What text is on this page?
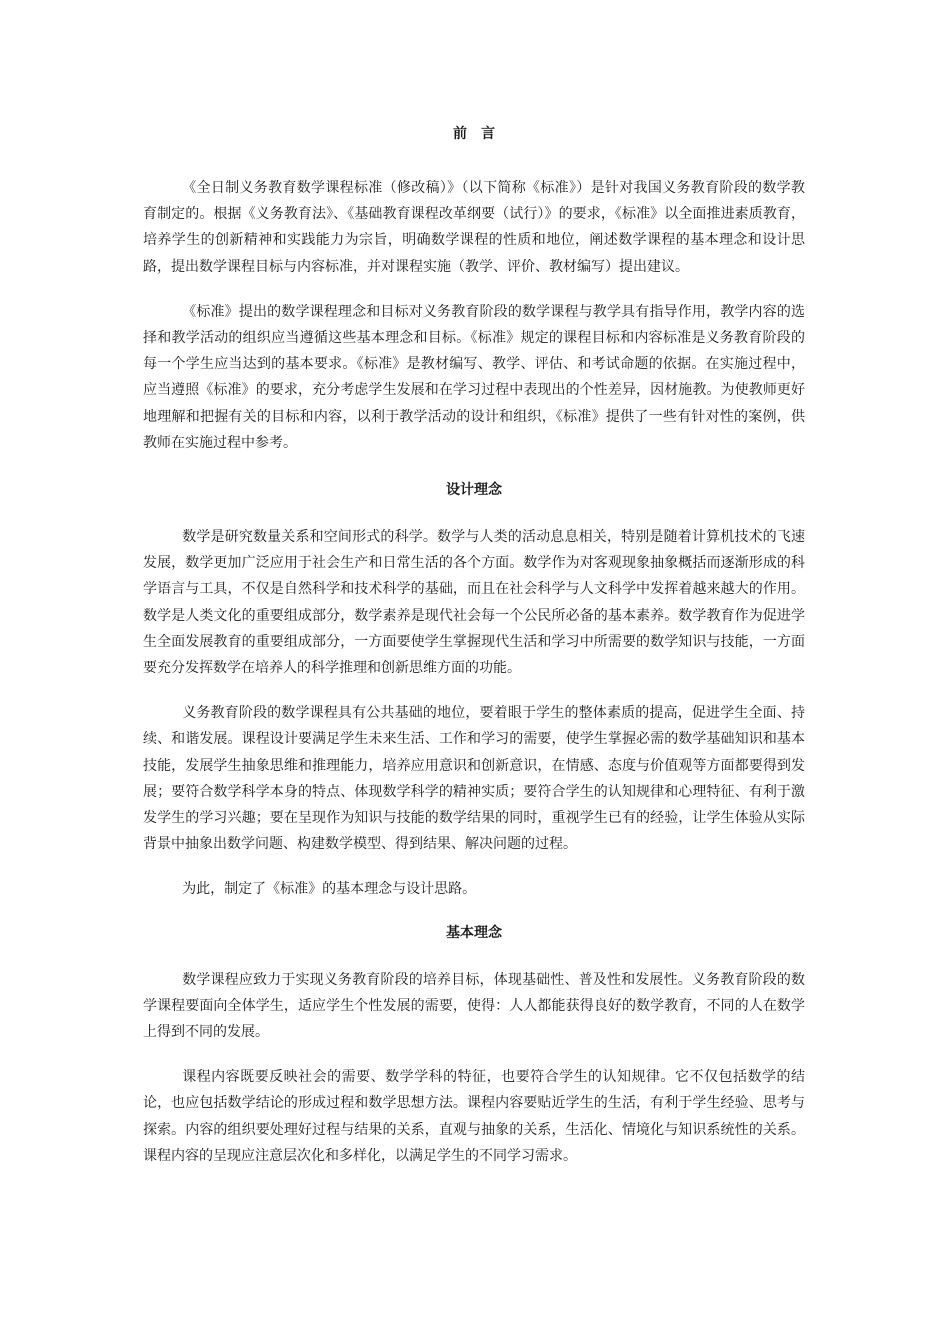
前言

《全日制义务教育数学课程标准（修改稿）》（以下简称《标准》）是针对我国义务教育阶段的数学教育制定的。根据《义务教育法》、《基础教育课程改革纲要（试行）》的要求，《标准》以全面推进素质教育，培养学生的创新精神和实践能力为宗旨，明确数学课程的性质和地位，阐述数学课程的基本理念和设计思路，提出数学课程目标与内容标准，并对课程实施（教学、评价、教材编写）提出建议。

《标准》提出的数学课程理念和目标对义务教育阶段的数学课程与教学具有指导作用，教学内容的选择和教学活动的组织应当遵循这些基本理念和目标。《标准》规定的课程目标和内容标准是义务教育阶段的每一个学生应当达到的基本要求。《标准》是教材编写、教学、评估、和考试命题的依据。在实施过程中，应当遵照《标准》的要求，充分考虑学生发展和在学习过程中表现出的个性差异，因材施教。为使教师更好地理解和把握有关的目标和内容，以利于教学活动的设计和组织，《标准》提供了一些有针对性的案例，供教师在实施过程中参考。

设计理念

数学是研究数量关系和空间形式的科学。数学与人类的活动息息相关，特别是随着计算机技术的飞速发展，数学更加广泛应用于社会生产和日常生活的各个方面。数学作为对客观现象抽象概括而逐渐形成的科学语言与工具，不仅是自然科学和技术科学的基础，而且在社会科学与人文科学中发挥着越来越大的作用。数学是人类文化的重要组成部分，数学素养是现代社会每一个公民所必备的基本素养。数学教育作为促进学生全面发展教育的重要组成部分，一方面要使学生掌握现代生活和学习中所需要的数学知识与技能，一方面要充分发挥数学在培养人的科学推理和创新思维方面的功能。

义务教育阶段的数学课程具有公共基础的地位，要着眼于学生的整体素质的提高，促进学生全面、持续、和谐发展。课程设计要满足学生未来生活、工作和学习的需要，使学生掌握必需的数学基础知识和基本技能，发展学生抽象思维和推理能力，培养应用意识和创新意识，在情感、态度与价值观等方面都要得到发展；要符合数学科学本身的特点、体现数学科学的精神实质；要符合学生的认知规律和心理特征、有利于激发学生的学习兴趣；要在呈现作为知识与技能的数学结果的同时，重视学生已有的经验，让学生体验从实际背景中抽象出数学问题、构建数学模型、得到结果、解决问题的过程。

为此，制定了《标准》的基本理念与设计思路。

基本理念

数学课程应致力于实现义务教育阶段的培养目标，体现基础性、普及性和发展性。义务教育阶段的数学课程要面向全体学生，适应学生个性发展的需要，使得：人人都能获得良好的数学教育，不同的人在数学上得到不同的发展。

课程内容既要反映社会的需要、数学学科的特征，也要符合学生的认知规律。它不仅包括数学的结论，也应包括数学结论的形成过程和数学思想方法。课程内容要贴近学生的生活，有利于学生经验、思考与探索。内容的组织要处理好过程与结果的关系，直观与抽象的关系，生活化、情境化与知识系统性的关系。课程内容的呈现应注意层次化和多样化，以满足学生的不同学习需求。
